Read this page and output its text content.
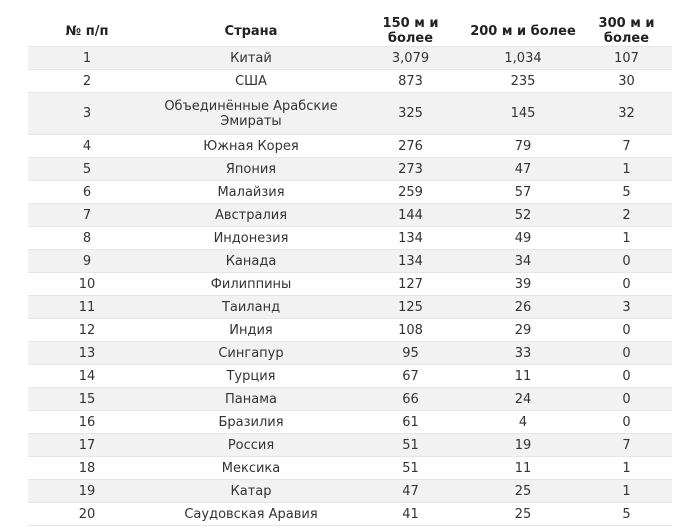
№ п/п	Страна	150 м и более	200 м и более	300 м и более
1	Китай	3,079	1,034	107
2	США	873	235	30
3	Объединённые Арабские Эмираты	325	145	32
4	Южная Корея	276	79	7
5	Япония	273	47	1
6	Малайзия	259	57	5
7	Австралия	144	52	2
8	Индонезия	134	49	1
9	Канада	134	34	0
10	Филиппины	127	39	0
11	Таиланд	125	26	3
12	Индия	108	29	0
13	Сингапур	95	33	0
14	Турция	67	11	0
15	Панама	66	24	0
16	Бразилия	61	4	0
17	Россия	51	19	7
18	Мексика	51	11	1
19	Катар	47	25	1
20	Саудовская Аравия	41	25	5
